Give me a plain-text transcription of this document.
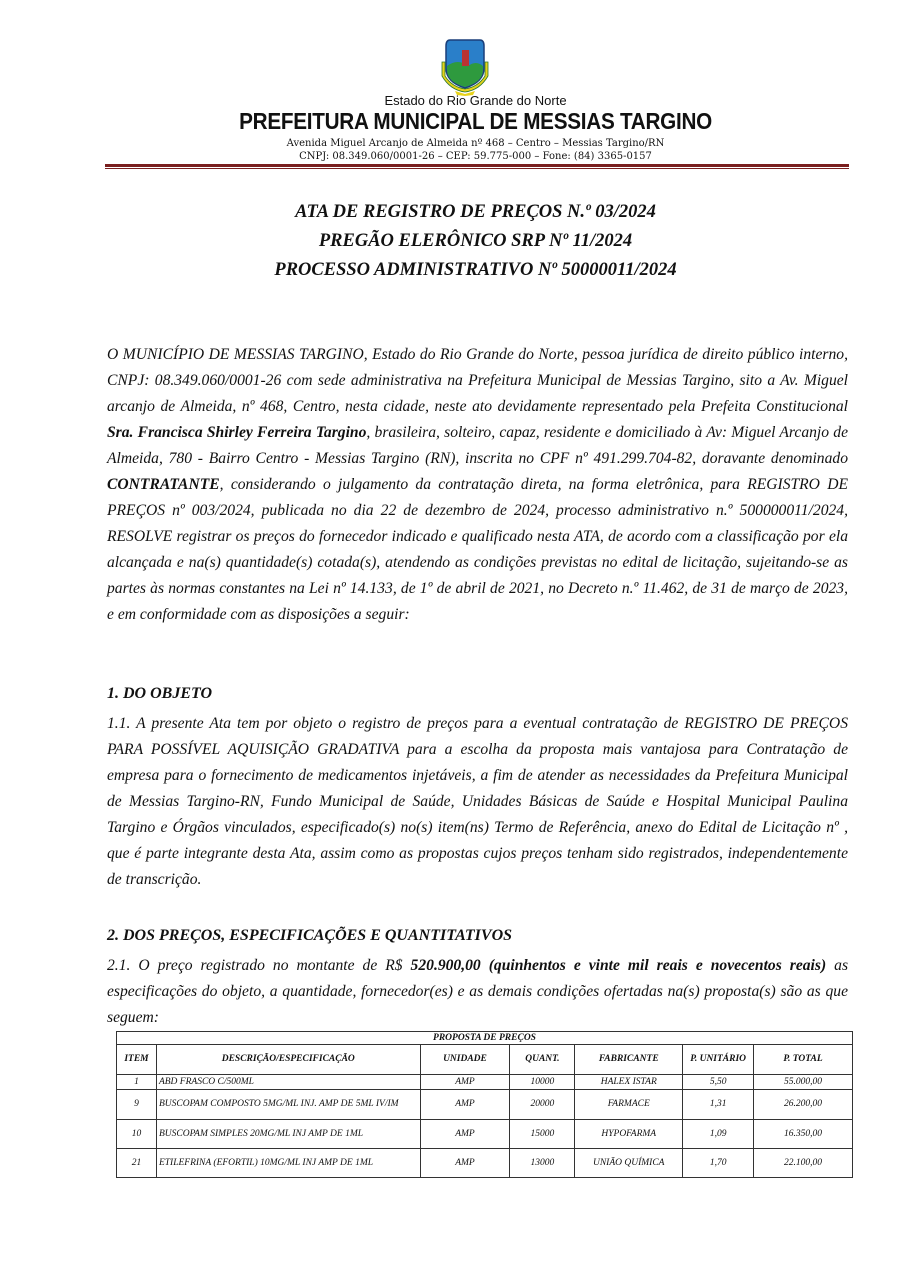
Estado do Rio Grande do Norte
PREFEITURA MUNICIPAL DE MESSIAS TARGINO
Avenida Miguel Arcanjo de Almeida nº 468 – Centro – Messias Targino/RN
CNPJ: 08.349.060/0001-26 – CEP: 59.775-000 – Fone: (84) 3365-0157
ATA DE REGISTRO DE PREÇOS N.º 03/2024
PREGÃO ELERÔNICO SRP Nº 11/2024
PROCESSO ADMINISTRATIVO Nº 50000011/2024
O MUNICÍPIO DE MESSIAS TARGINO, Estado do Rio Grande do Norte, pessoa jurídica de direito público interno, CNPJ: 08.349.060/0001-26 com sede administrativa na Prefeitura Municipal de Messias Targino, sito a Av. Miguel arcanjo de Almeida, nº 468, Centro, nesta cidade, neste ato devidamente representado pela Prefeita Constitucional Sra. Francisca Shirley Ferreira Targino, brasileira, solteiro, capaz, residente e domiciliado à Av: Miguel Arcanjo de Almeida, 780 - Bairro Centro - Messias Targino (RN), inscrita no CPF nº 491.299.704-82, doravante denominado CONTRATANTE, considerando o julgamento da contratação direta, na forma eletrônica, para REGISTRO DE PREÇOS nº 003/2024, publicada no dia 22 de dezembro de 2024, processo administrativo n.º 500000011/2024, RESOLVE registrar os preços do fornecedor indicado e qualificado nesta ATA, de acordo com a classificação por ela alcançada e na(s) quantidade(s) cotada(s), atendendo as condições previstas no edital de licitação, sujeitando-se as partes às normas constantes na Lei nº 14.133, de 1º de abril de 2021, no Decreto n.º 11.462, de 31 de março de 2023, e em conformidade com as disposições a seguir:
1. DO OBJETO
1.1. A presente Ata tem por objeto o registro de preços para a eventual contratação de REGISTRO DE PREÇOS PARA POSSÍVEL AQUISIÇÃO GRADATIVA para a escolha da proposta mais vantajosa para Contratação de empresa para o fornecimento de medicamentos injetáveis, a fim de atender as necessidades da Prefeitura Municipal de Messias Targino-RN, Fundo Municipal de Saúde, Unidades Básicas de Saúde e Hospital Municipal Paulina Targino e Órgãos vinculados, especificado(s) no(s) item(ns) Termo de Referência, anexo do Edital de Licitação nº , que é parte integrante desta Ata, assim como as propostas cujos preços tenham sido registrados, independentemente de transcrição.
2. DOS PREÇOS, ESPECIFICAÇÕES E QUANTITATIVOS
2.1. O preço registrado no montante de R$ 520.900,00 (quinhentos e vinte mil reais e novecentos reais) as especificações do objeto, a quantidade, fornecedor(es) e as demais condições ofertadas na(s) proposta(s) são as que seguem:
PROPOSTA DE PREÇOS						
ITEM	DESCRIÇÃO/ESPECIFICAÇÃO	UNIDADE	QUANT.	FABRICANTE	P. UNITÁRIO	P. TOTAL
1	ABD FRASCO C/500ML	AMP	10000	HALEX ISTAR	5,50	55.000,00
9	BUSCOPAM COMPOSTO 5MG/ML INJ. AMP DE 5ML IV/IM	AMP	20000	FARMACE	1,31	26.200,00
10	BUSCOPAM SIMPLES 20MG/ML INJ AMP DE 1ML	AMP	15000	HYPOFARMA	1,09	16.350,00
21	ETILEFRINA (EFORTIL) 10MG/ML INJ AMP DE 1ML	AMP	13000	UNIÃO QUÍMICA	1,70	22.100,00
